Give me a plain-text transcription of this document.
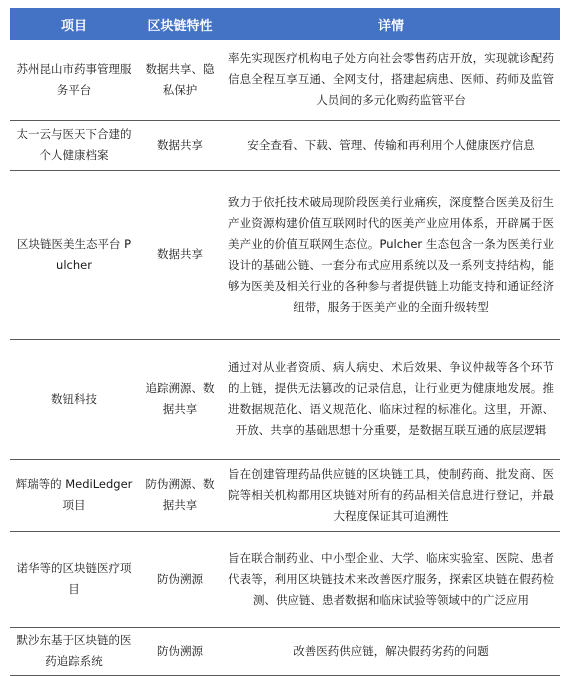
项目	区块链特性	详情
苏州昆山市药事管理服务平台	数据共享、隐私保护	率先实现医疗机构电子处方向社会零售药店开放，实现就诊配药信息全程互享互通、全网支付，搭建起病患、医师、药师及监管人员间的多元化购药监管平台
太一云与医天下合建的个人健康档案	数据共享	安全查看、下载、管理、传输和再利用个人健康医疗信息
区块链医美生态平台 Pulcher	数据共享	致力于依托技术破局现阶段医美行业痛疾，深度整合医美及衍生产业资源构建价值互联网时代的医美产业应用体系，开辟属于医美产业的价值互联网生态位。Pulcher 生态包含一条为医美行业设计的基础公链、一套分布式应用系统以及一系列支持结构，能够为医美及相关行业的各种参与者提供链上功能支持和通证经济纽带，服务于医美产业的全面升级转型
数钮科技	追踪溯源、数据共享	通过对从业者资质、病人病史、术后效果、争议仲裁等各个环节的上链，提供无法篡改的记录信息，让行业更为健康地发展。推进数据规范化、语义规范化、临床过程的标准化。这里，开源、开放、共享的基础思想十分重要，是数据互联互通的底层逻辑
辉瑞等的 MediLedger 项目	防伪溯源、数据共享	旨在创建管理药品供应链的区块链工具，使制药商、批发商、医院等相关机构都用区块链对所有的药品相关信息进行登记，并最大程度保证其可追溯性
诺华等的区块链医疗项目	防伪溯源	旨在联合制药业、中小型企业、大学、临床实验室、医院、患者代表等，利用区块链技术来改善医疗服务，探索区块链在假药检测、供应链、患者数据和临床试验等领域中的广泛应用
默沙东基于区块链的医药追踪系统	防伪溯源	改善医药供应链，解决假药劣药的问题
